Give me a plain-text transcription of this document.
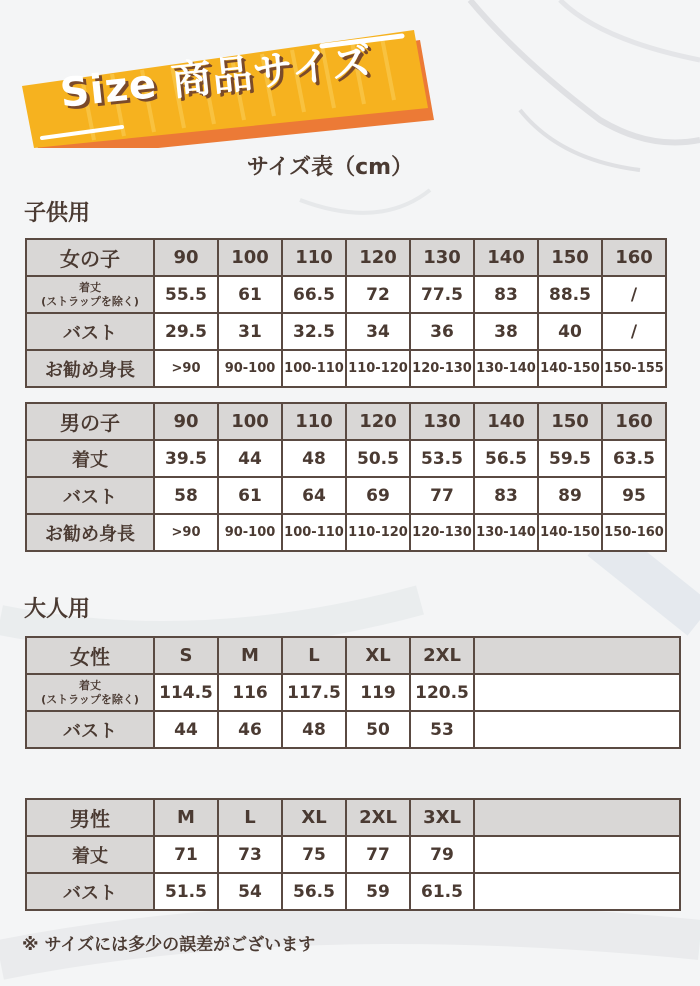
Size 商品サイズ
サイズ表（cm）
子供用
女の子	90	100	110	120	130	140	150	160

着丈
(ストラップを除く)	55.5	61	66.5	72	77.5	83	88.5	/
バスト	29.5	31	32.5	34	36	38	40	/
お勧め身長	>90	90-100	100-110	110-120	120-130	130-140	140-150	150-155
男の子	90	100	110	120	130	140	150	160
着丈	39.5	44	48	50.5	53.5	56.5	59.5	63.5
バスト	58	61	64	69	77	83	89	95
お勧め身長	>90	90-100	100-110	110-120	120-130	130-140	140-150	150-160
大人用
女性	S	M	L	XL	2XL	

着丈
(ストラップを除く)	114.5	116	117.5	119	120.5	
バスト	44	46	48	50	53	
男性	M	L	XL	2XL	3XL	
着丈	71	73	75	77	79	
バスト	51.5	54	56.5	59	61.5	
※ サイズには多少の誤差がございます
